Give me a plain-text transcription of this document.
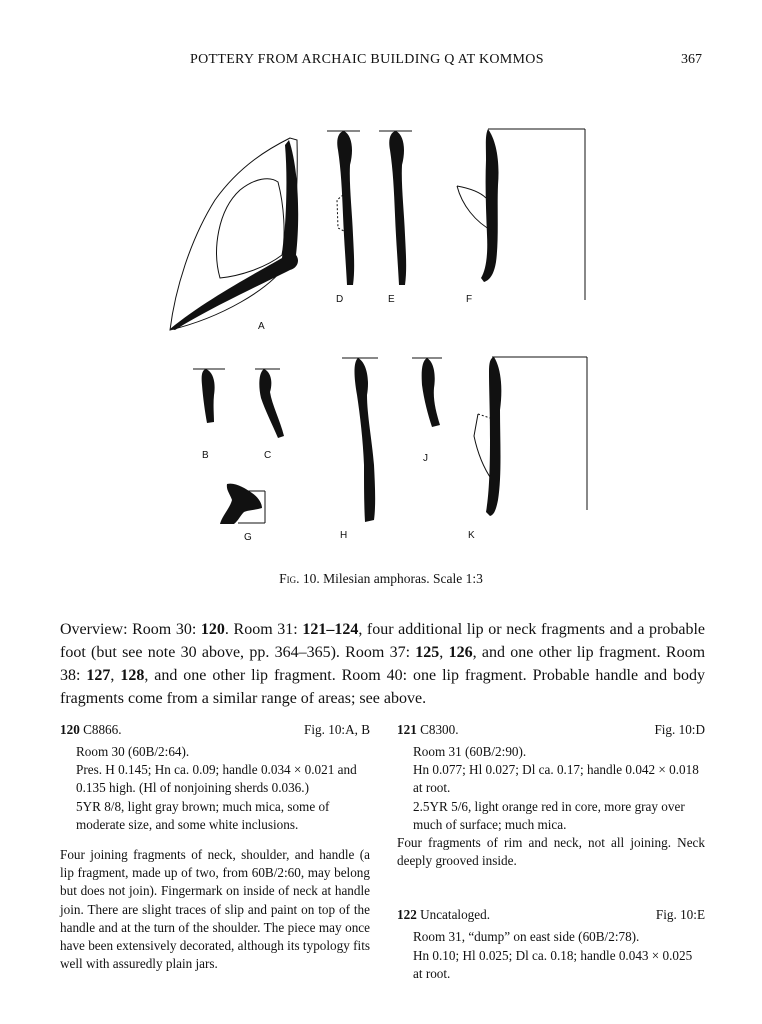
POTTERY FROM ARCHAIC BUILDING Q AT KOMMOS	367
A
D	E	F
B	C
G	H
J
K
Fig. 10. Milesian amphoras. Scale 1:3
Overview: Room 30: 120. Room 31: 121–124, four additional lip or neck fragments and a probable foot (but see note 30 above, pp. 364–365). Room 37: 125, 126, and one other lip fragment. Room 38: 127, 128, and one other lip fragment. Room 40: one lip fragment. Probable handle and body fragments come from a similar range of areas; see above.
120 C8866.	Fig. 10:A, B
Room 30 (60B/2:64).
Pres. H 0.145; Hn ca. 0.09; handle 0.034 × 0.021 and 0.135 high. (Hl of nonjoining sherds 0.036.)
5YR 8/8, light gray brown; much mica, some of moderate size, and some white inclusions.
Four joining fragments of neck, shoulder, and handle (a lip fragment, made up of two, from 60B/2:60, may belong but does not join). Fingermark on inside of neck at handle join. There are slight traces of slip and paint on top of the handle and at the turn of the shoulder. The piece may once have been extensively decorated, although its typology fits well with assuredly plain jars.
121 C8300.	Fig. 10:D
Room 31 (60B/2:90).
Hn 0.077; Hl 0.027; Dl ca. 0.17; handle 0.042 × 0.018 at root.
2.5YR 5/6, light orange red in core, more gray over much of surface; much mica.
Four fragments of rim and neck, not all joining. Neck deeply grooved inside.
122 Uncataloged.	Fig. 10:E
Room 31, “dump” on east side (60B/2:78).
Hn 0.10; Hl 0.025; Dl ca. 0.18; handle 0.043 × 0.025 at root.
